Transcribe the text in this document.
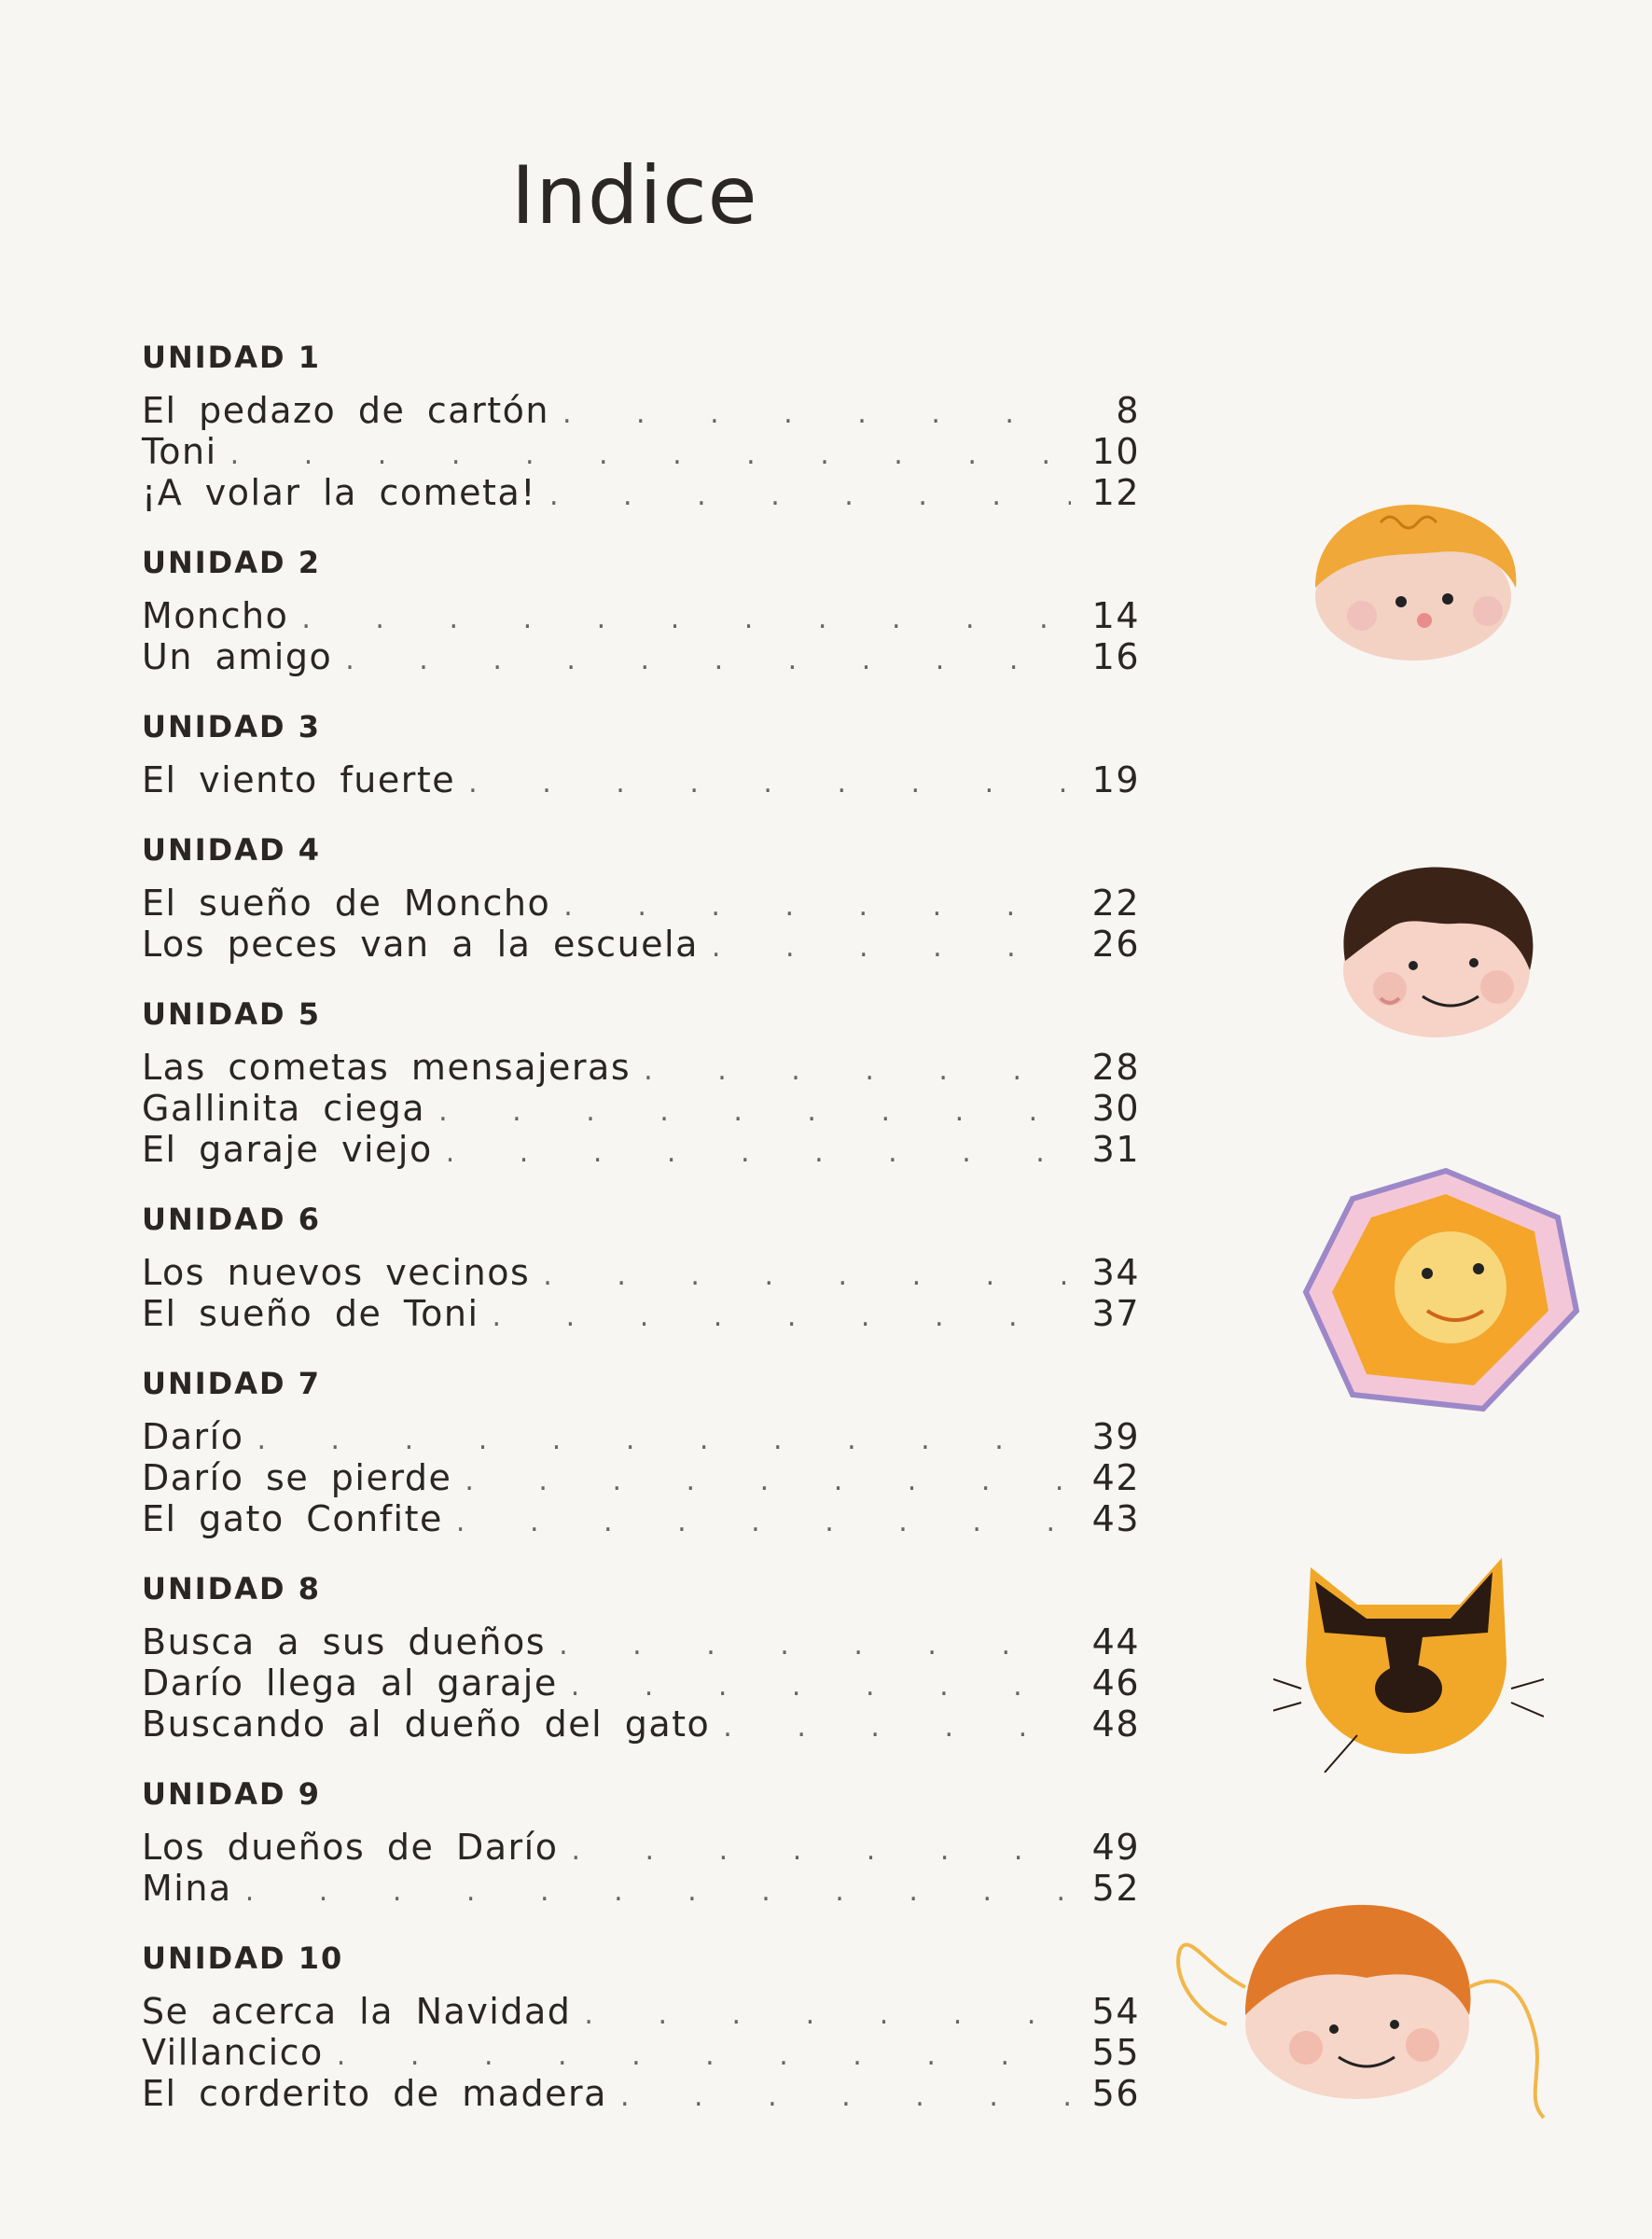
Indice
UNIDAD 1
El pedazo de cartón . . .	8
Toni . . .	10
¡A volar la cometa! . . .	12
UNIDAD 2
Moncho . . .	14
Un amigo . . .	16
UNIDAD 3
El viento fuerte . . .	19
UNIDAD 4
El sueño de Moncho . . .	22
Los peces van a la escuela . . .	26
UNIDAD 5
Las cometas mensajeras . . .	28
Gallinita ciega . . .	30
El garaje viejo . . .	31
UNIDAD 6
Los nuevos vecinos . . .	34
El sueño de Toni . . .	37
UNIDAD 7
Darío . . .	39
Darío se pierde . . .	42
El gato Confite . . .	43
UNIDAD 8
Busca a sus dueños . . .	44
Darío llega al garaje . . .	46
Buscando al dueño del gato . . .	48
UNIDAD 9
Los dueños de Darío . . .	49
Mina . . .	52
UNIDAD 10
Se acerca la Navidad . . .	54
Villancico . . .	55
El corderito de madera . . .	56
